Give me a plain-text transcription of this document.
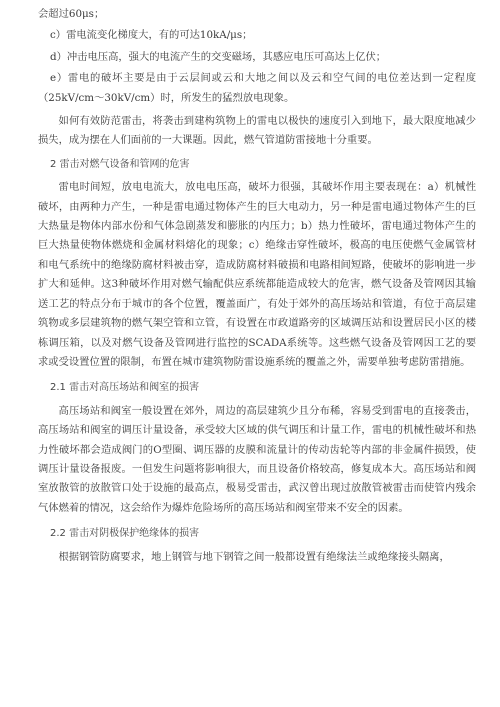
会超过60μs；

c）雷电流变化梯度大，有的可达10kA/μs；

d）冲击电压高，强大的电流产生的交变磁场，其感应电压可高达上亿伏；

e）雷电的破坏主要是由于云层间或云和大地之间以及云和空气间的电位差达到一定程度（25kV/cm～30kV/cm）时，所发生的猛烈放电现象。

如何有效防范雷击，将袭击到建构筑物上的雷电以极快的速度引入到地下，最大限度地减少损失，成为摆在人们面前的一大课题。因此，燃气管道防雷接地十分重要。

2 雷击对燃气设备和管网的危害

雷电时间短，放电电流大，放电电压高，破坏力很强，其破坏作用主要表现在：a）机械性破坏，由两种力产生，一种是雷电通过物体产生的巨大电动力，另一种是雷电通过物体产生的巨大热量是物体内部水份和气体急剧蒸发和膨胀的内压力；b）热力性破坏，雷电通过物体产生的巨大热量使物体燃烧和金属材料熔化的现象；c）绝缘击穿性破坏，极高的电压使燃气金属管材和电气系统中的绝缘防腐材料被击穿，造成防腐材料破损和电路相间短路，使破坏的影响进一步扩大和延伸。这3种破坏作用对燃气输配供应系统都能造成较大的危害，燃气设备及管网因其输送工艺的特点分布于城市的各个位置，覆盖面广，有处于郊外的高压场站和管道，有位于高层建筑物或多层建筑物的燃气架空管和立管，有设置在市政道路旁的区域调压站和设置居民小区的楼栋调压箱，以及对燃气设备及管网进行监控的SCADA系统等。这些燃气设备及管网因工艺的要求或受设置位置的限制，布置在城市建筑物防雷设施系统的覆盖之外，需要单独考虑防雷措施。

2.1 雷击对高压场站和阀室的损害

高压场站和阀室一般设置在郊外，周边的高层建筑少且分布稀，容易受到雷电的直接袭击，高压场站和阀室的调压计量设备，承受较大区域的供气调压和计量工作，雷电的机械性破坏和热力性破坏都会造成阀门的O型圈、调压器的皮膜和流量计的传动齿轮等内部的非金属件损毁，使调压计量设备报废。一但发生问题将影响很大，而且设备价格较高，修复成本大。高压场站和阀室放散管的放散管口处于设施的最高点，极易受雷击，武汉曾出现过放散管被雷击而使管内残余气体燃着的情况，这会给作为爆炸危险场所的高压场站和阀室带来不安全的因素。

2.2 雷击对阴极保护绝缘体的损害

根据钢管防腐要求，地上钢管与地下钢管之间一般都设置有绝缘法兰或绝缘接头隔离，
